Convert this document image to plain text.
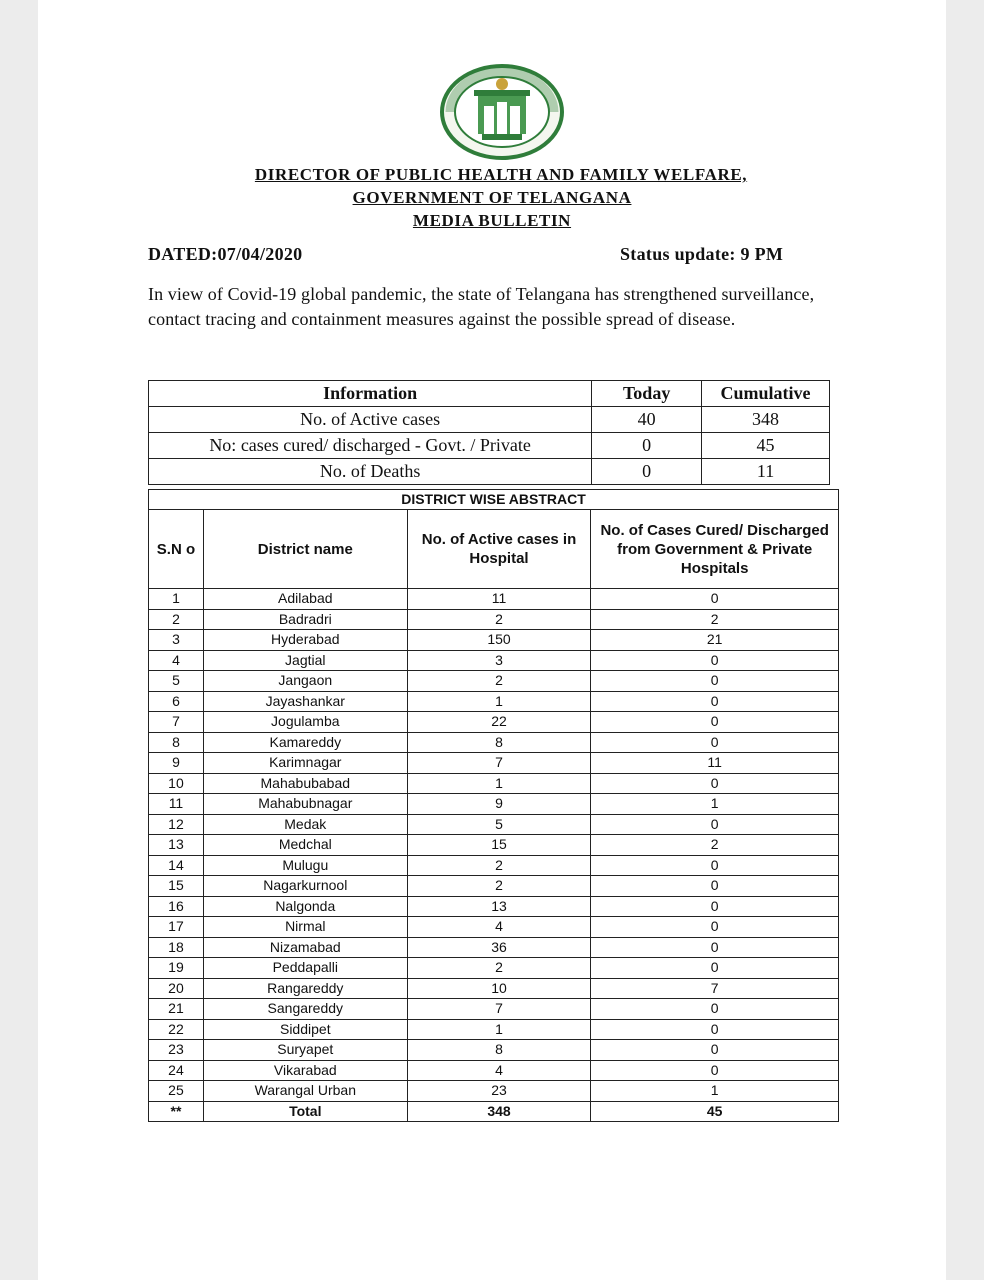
DIRECTOR OF PUBLIC HEALTH AND FAMILY WELFARE,
GOVERNMENT OF TELANGANA
MEDIA BULLETIN
DATED:07/04/2020	Status update: 9 PM
In view of Covid-19 global pandemic, the state of Telangana has strengthened surveillance, contact tracing and containment measures against the possible spread of disease.
Information	Today	Cumulative
No. of Active cases	40	348
No: cases cured/ discharged - Govt. / Private	0	45
No. of Deaths	0	11
DISTRICT WISE ABSTRACT			
S.N o	District name	No. of Active cases in Hospital	No. of Cases Cured/ Discharged from Government & Private Hospitals
1	Adilabad	11	0
2	Badradri	2	2
3	Hyderabad	150	21
4	Jagtial	3	0
5	Jangaon	2	0
6	Jayashankar	1	0
7	Jogulamba	22	0
8	Kamareddy	8	0
9	Karimnagar	7	11
10	Mahabubabad	1	0
11	Mahabubnagar	9	1
12	Medak	5	0
13	Medchal	15	2
14	Mulugu	2	0
15	Nagarkurnool	2	0
16	Nalgonda	13	0
17	Nirmal	4	0
18	Nizamabad	36	0
19	Peddapalli	2	0
20	Rangareddy	10	7
21	Sangareddy	7	0
22	Siddipet	1	0
23	Suryapet	8	0
24	Vikarabad	4	0
25	Warangal Urban	23	1
**	Total	348	45
